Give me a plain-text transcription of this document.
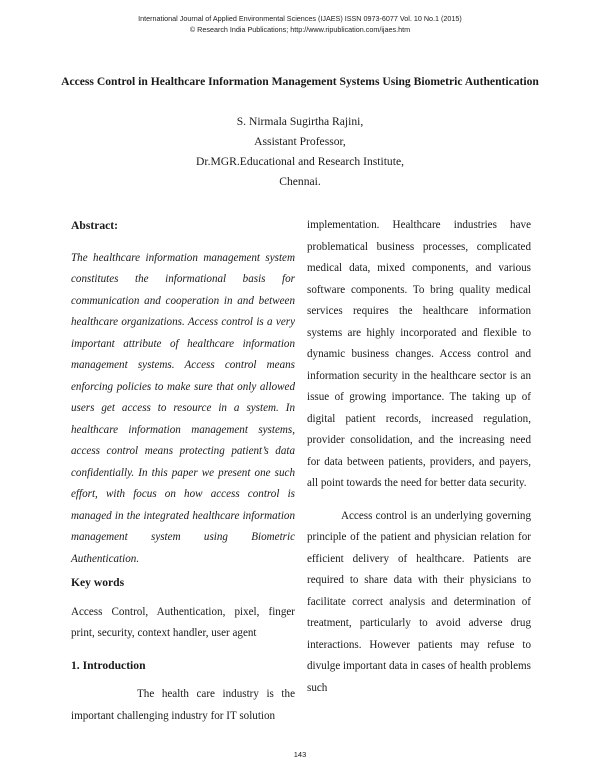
International Journal of Applied Environmental Sciences (IJAES) ISSN 0973-6077 Vol. 10 No.1 (2015)
© Research India Publications; http://www.ripublication.com/ijaes.htm
Access Control in Healthcare Information Management Systems Using Biometric Authentication
S. Nirmala Sugirtha Rajini,
Assistant Professor,
Dr.MGR.Educational and Research Institute,
Chennai.

Abstract:

The healthcare information management system constitutes the informational basis for communication and cooperation in and between healthcare organizations. Access control is a very important attribute of healthcare information management systems. Access control means enforcing policies to make sure that only allowed users get access to resource in a system. In healthcare information management systems, access control means protecting patient’s data confidentially. In this paper we present one such effort, with focus on how access control is managed in the integrated healthcare information management system using Biometric Authentication.

Key words

Access Control, Authentication, pixel, finger print, security, context handler, user agent

1. Introduction

The health care industry is the important challenging industry for IT solution

implementation. Healthcare industries have problematical business processes, complicated medical data, mixed components, and various software components. To bring quality medical services requires the healthcare information systems are highly incorporated and flexible to dynamic business changes. Access control and information security in the healthcare sector is an issue of growing importance. The taking up of digital patient records, increased regulation, provider consolidation, and the increasing need for data between patients, providers, and payers, all point towards the need for better data security.

Access control is an underlying governing principle of the patient and physician relation for efficient delivery of healthcare. Patients are required to share data with their physicians to facilitate correct analysis and determination of treatment, particularly to avoid adverse drug interactions. However patients may refuse to divulge important data in cases of health problems such

143
